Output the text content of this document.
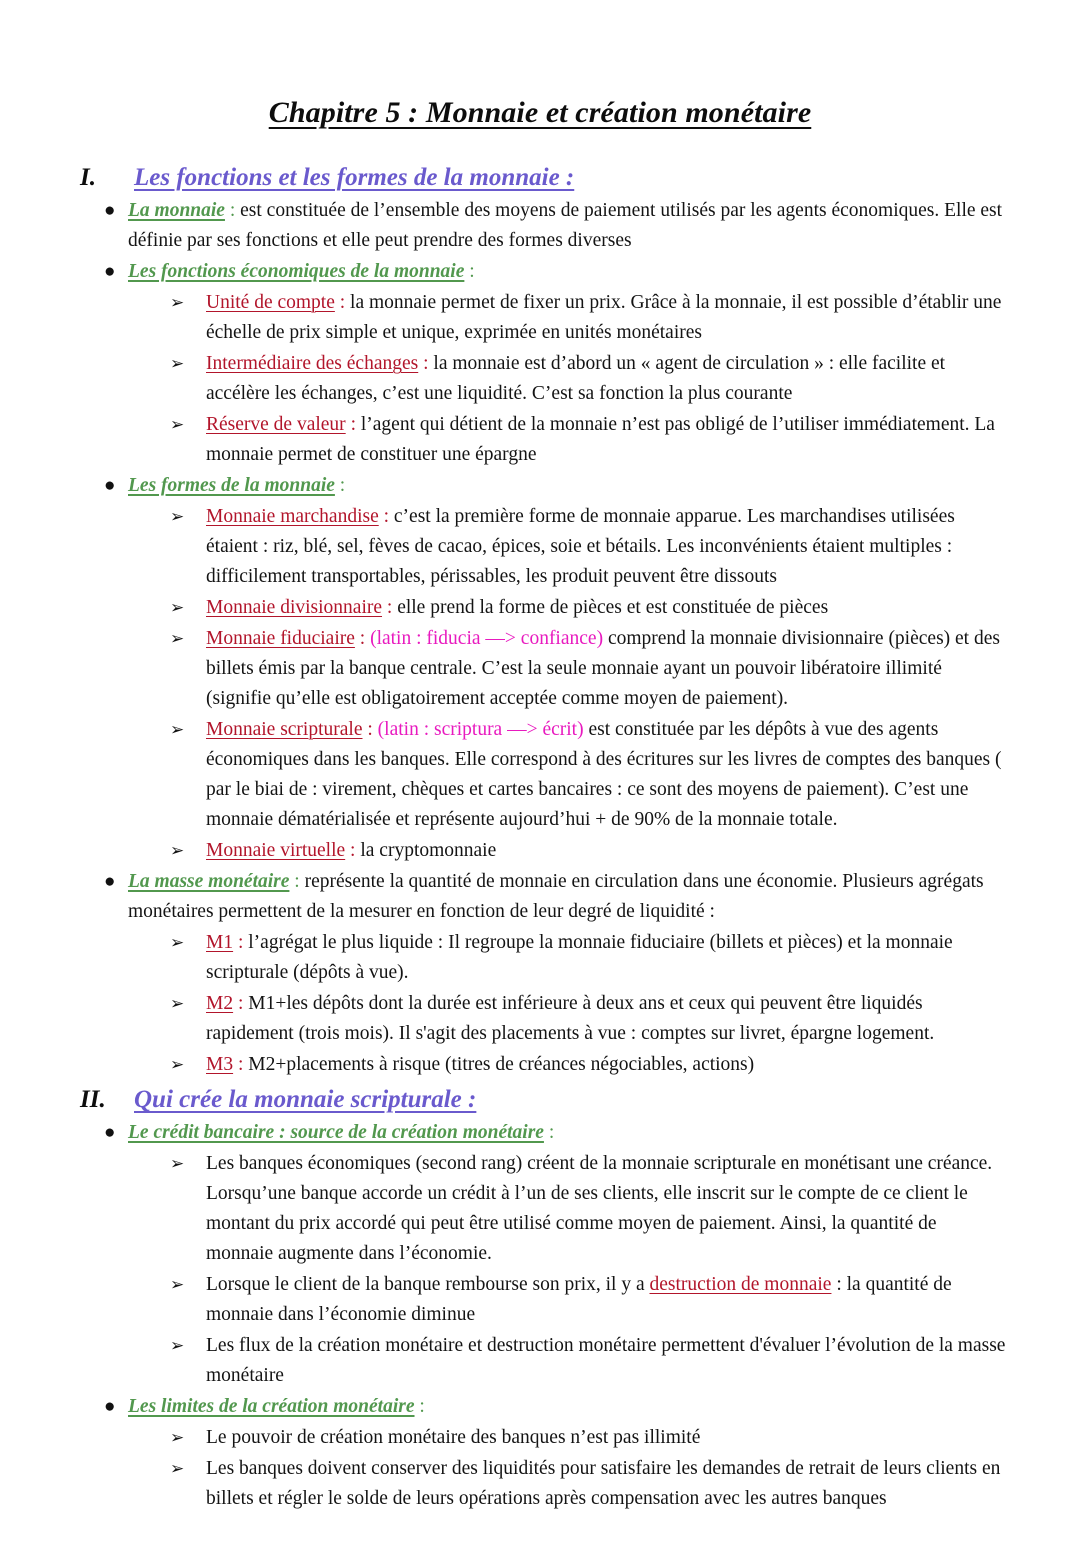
Chapitre 5 : Monnaie et création monétaire
I.	Les fonctions et les formes de la monnaie :
● La monnaie : est constituée de l’ensemble des moyens de paiement utilisés par les agents économiques. Elle est définie par ses fonctions et elle peut prendre des formes diverses
● Les fonctions économiques de la monnaie :
➢	Unité de compte : la monnaie permet de fixer un prix. Grâce à la monnaie, il est possible d’établir une échelle de prix simple et unique, exprimée en unités monétaires
➢	Intermédiaire des échanges : la monnaie est d’abord un « agent de circulation » : elle facilite et accélère les échanges, c’est une liquidité. C’est sa fonction la plus courante
➢	Réserve de valeur : l’agent qui détient de la monnaie n’est pas obligé de l’utiliser immédiatement. La monnaie permet de constituer une épargne
● Les formes de la monnaie :
➢	Monnaie marchandise : c’est la première forme de monnaie apparue. Les marchandises utilisées étaient : riz, blé, sel, fèves de cacao, épices, soie et bétails. Les inconvénients étaient multiples : difficilement transportables, périssables, les produit peuvent être dissouts
➢	Monnaie divisionnaire : elle prend la forme de pièces et est constituée de pièces
➢	Monnaie fiduciaire : (latin : fiducia —> confiance) comprend la monnaie divisionnaire (pièces) et des billets émis par la banque centrale. C’est la seule monnaie ayant un pouvoir libératoire illimité (signifie qu’elle est obligatoirement acceptée comme moyen de paiement).
➢	Monnaie scripturale : (latin : scriptura —> écrit) est constituée par les dépôts à vue des agents économiques dans les banques. Elle correspond à des écritures sur les livres de comptes des banques ( par le biai de : virement, chèques et cartes bancaires : ce sont des moyens de paiement). C’est une monnaie dématérialisée et représente aujourd’hui + de 90% de la monnaie totale.
➢	Monnaie virtuelle : la cryptomonnaie
● La masse monétaire : représente la quantité de monnaie en circulation dans une économie. Plusieurs agrégats monétaires permettent de la mesurer en fonction de leur degré de liquidité :
➢	M1 : l’agrégat le plus liquide : Il regroupe la monnaie fiduciaire (billets et pièces) et la monnaie scripturale (dépôts à vue).
➢	M2 : M1+les dépôts dont la durée est inférieure à deux ans et ceux qui peuvent être liquidés rapidement (trois mois). Il s'agit des placements à vue : comptes sur livret, épargne logement.
➢	M3 : M2+placements à risque (titres de créances négociables, actions)
II.	Qui crée la monnaie scripturale :
● Le crédit bancaire : source de la création monétaire :
➢	Les banques économiques (second rang) créent de la monnaie scripturale en monétisant une créance. Lorsqu’une banque accorde un crédit à l’un de ses clients, elle inscrit sur le compte de ce client le montant du prix accordé qui peut être utilisé comme moyen de paiement. Ainsi, la quantité de monnaie augmente dans l’économie.
➢	Lorsque le client de la banque rembourse son prix, il y a destruction de monnaie : la quantité de monnaie dans l’économie diminue
➢	Les flux de la création monétaire et destruction monétaire permettent d'évaluer l’évolution de la masse monétaire
● Les limites de la création monétaire :
➢	Le pouvoir de création monétaire des banques n’est pas illimité
➢	Les banques doivent conserver des liquidités pour satisfaire les demandes de retrait de leurs clients en billets et régler le solde de leurs opérations après compensation avec les autres banques
